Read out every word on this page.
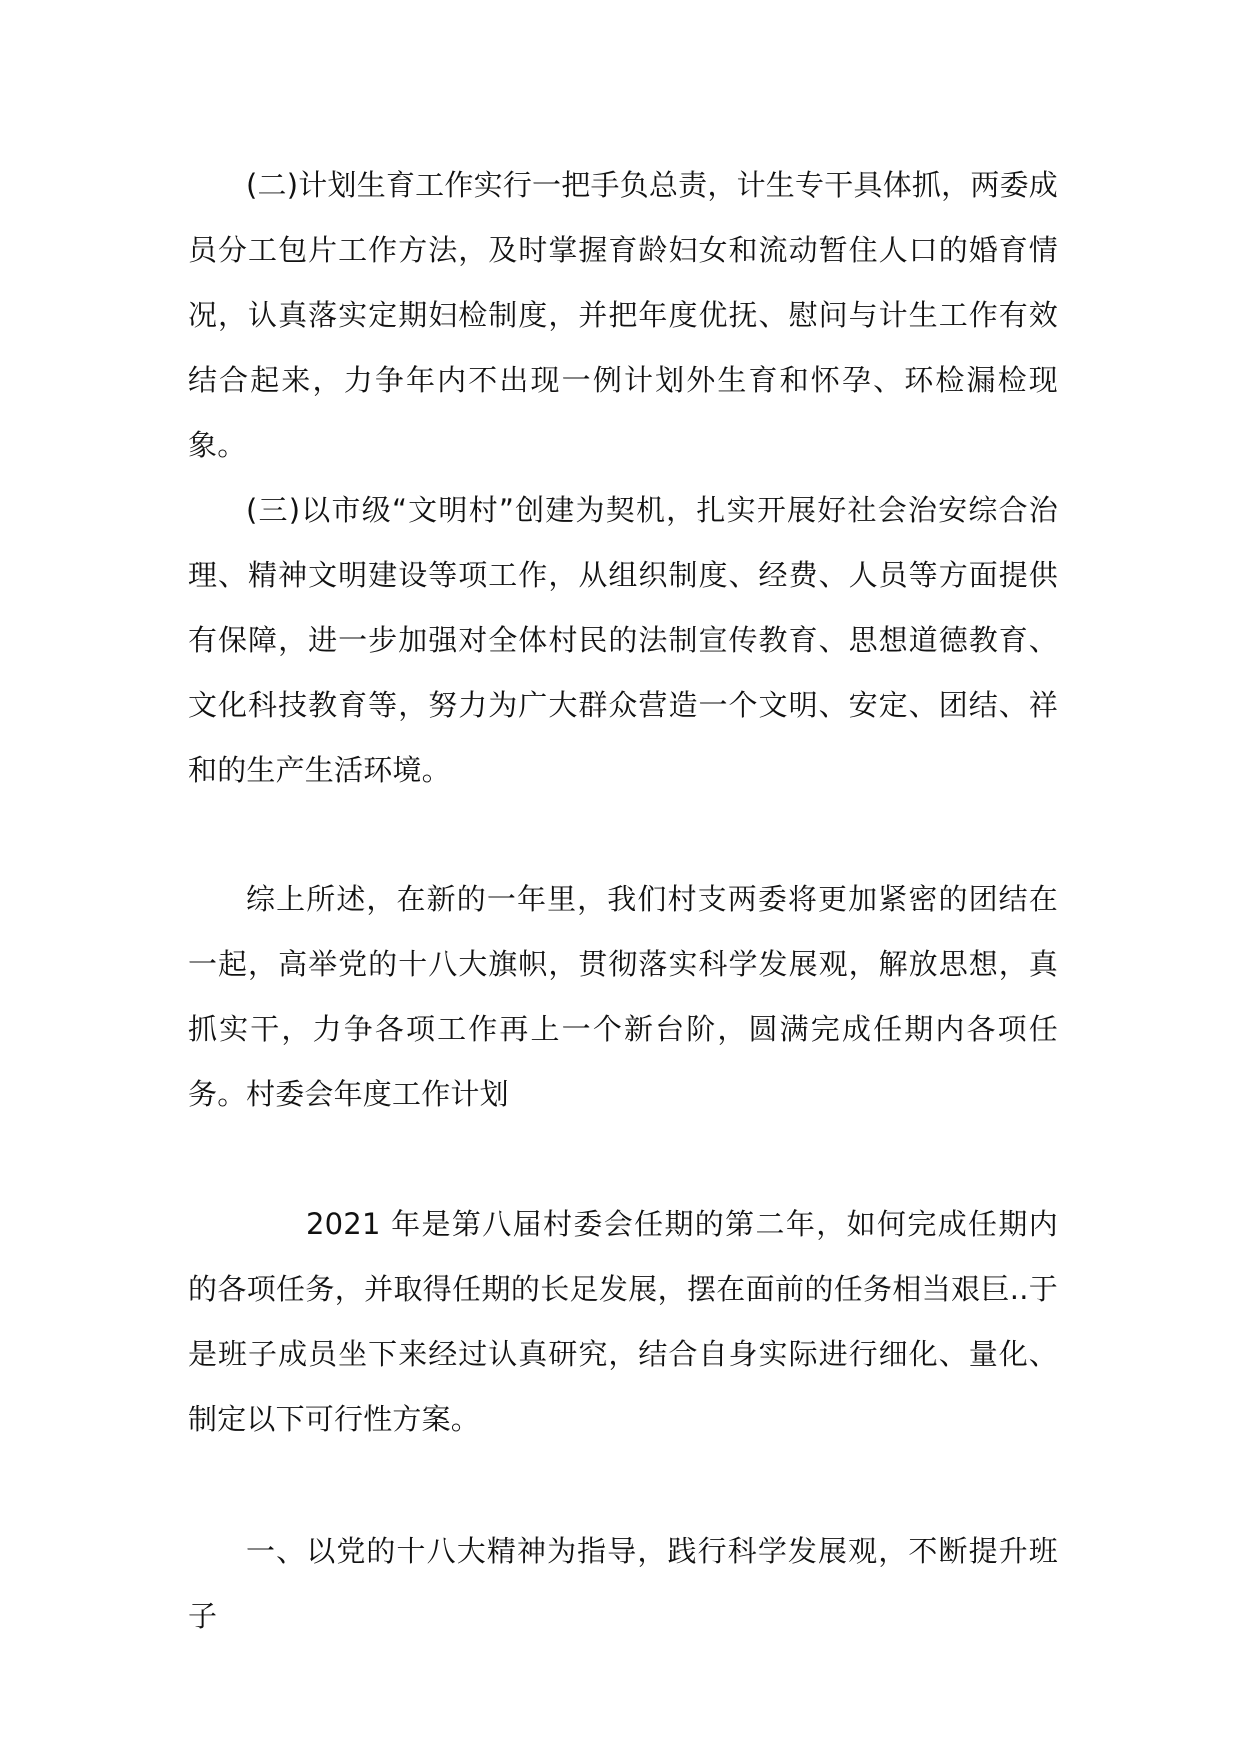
(二)计划生育工作实行一把手负总责，计生专干具体抓，两委成员分工包片工作方法，及时掌握育龄妇女和流动暂住人口的婚育情况，认真落实定期妇检制度，并把年度优抚、慰问与计生工作有效结合起来，力争年内不出现一例计划外生育和怀孕、环检漏检现象。

(三)以市级“文明村”创建为契机，扎实开展好社会治安综合治理、精神文明建设等项工作，从组织制度、经费、人员等方面提供有保障，进一步加强对全体村民的法制宣传教育、思想道德教育、文化科技教育等，努力为广大群众营造一个文明、安定、团结、祥和的生产生活环境。

综上所述，在新的一年里，我们村支两委将更加紧密的团结在一起，高举党的十八大旗帜，贯彻落实科学发展观，解放思想，真抓实干，力争各项工作再上一个新台阶，圆满完成任期内各项任务。 村委会年度工作计划

2021 年是第八届村委会任期的第二年，如何完成任期内的各项任务，并取得任期的长足发展，摆在面前的任务相当艰巨..于是班子成员坐下来经过认真研究，结合自身实际进行细化、量化、制定以下可行性方案。

一、以党的十八大精神为指导，践行科学发展观，不断提升班子
